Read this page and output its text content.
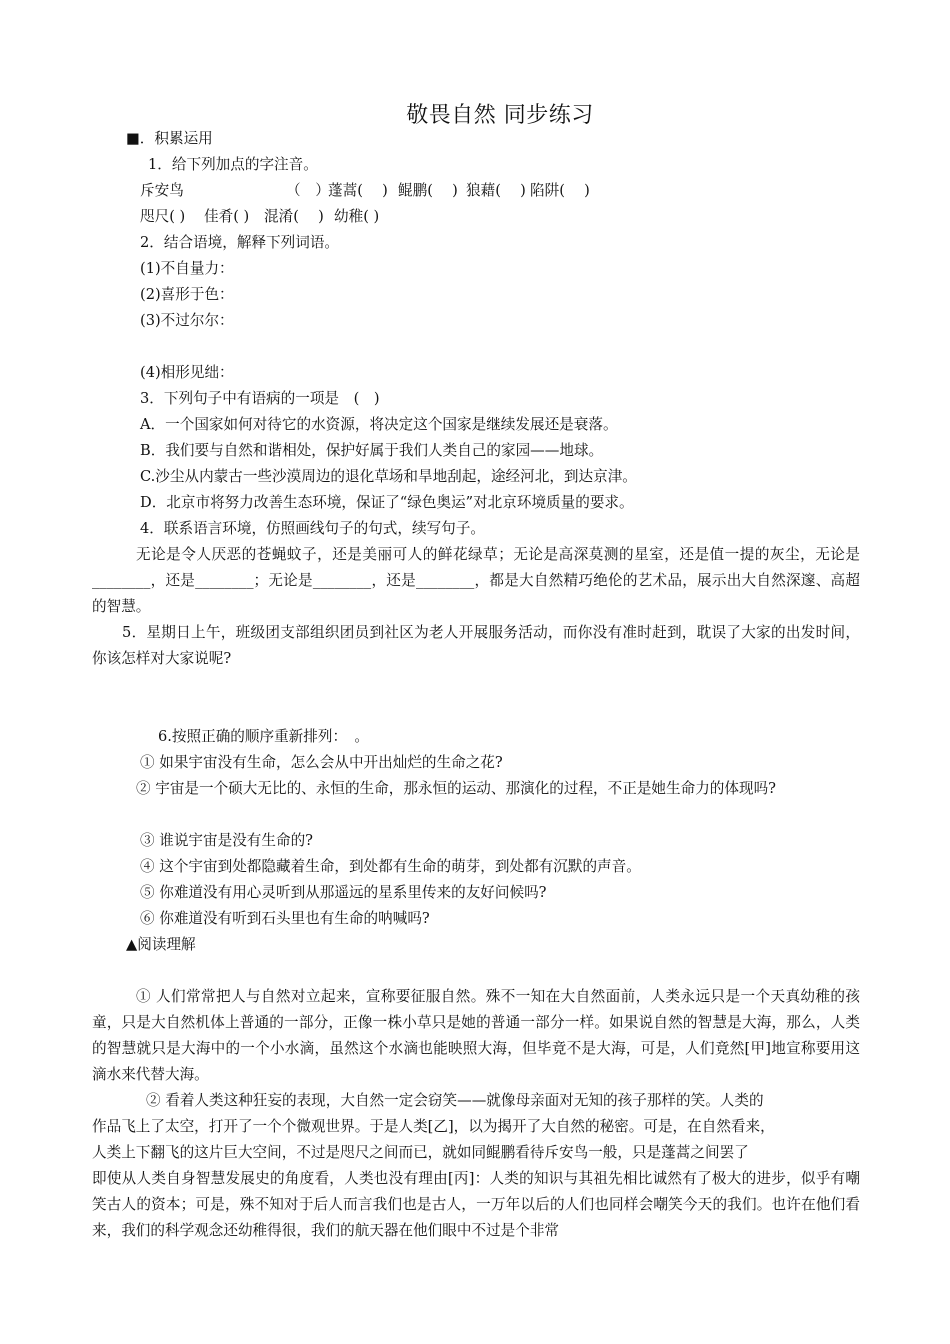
敬畏自然 同步练习
■．积累运用
1．给下列加点的字注音。
斥安鸟	（　）
蓬蒿( 　) 鲲鹏( 　) 狼藉( 　) 陷阱( 　)
咫尺( ) 佳肴( ) 混淆( 　) 幼稚( )
2．结合语境，解释下列词语。
(1)不自量力：
(2)喜形于色：
(3)不过尔尔：
(4)相形见绌：
3．下列句子中有语病的一项是　(　)
A．一个国家如何对待它的水资源，将决定这个国家是继续发展还是衰落。
B．我们要与自然和谐相处，保护好属于我们人类自己的家园——地球。
C.沙尘从内蒙古一些沙漠周边的退化草场和旱地刮起，途经河北，到达京津。
D．北京市将努力改善生态环境，保证了“绿色奥运”对北京环境质量的要求。
4．联系语言环境，仿照画线句子的句式，续写句子。
无论是令人厌恶的苍蝇蚊子，还是美丽可人的鲜花绿草；无论是高深莫测的星室，还是值一提的灰尘，无论是________，还是________；无论是________，还是________，都是大自然精巧绝伦的艺术品，展示出大自然深邃、高超的智慧。
5．星期日上午，班级团支部组织团员到社区为老人开展服务活动，而你没有准时赶到，耽误了大家的出发时间，你该怎样对大家说呢?
6.按照正确的顺序重新排列：　。
① 如果宇宙没有生命，怎么会从中开出灿烂的生命之花?
② 宇宙是一个硕大无比的、永恒的生命，那永恒的运动、那演化的过程，不正是她生命力的体现吗?
③ 谁说宇宙是没有生命的?
④ 这个宇宙到处都隐藏着生命，到处都有生命的萌芽，到处都有沉默的声音。
⑤ 你难道没有用心灵听到从那遥远的星系里传来的友好问候吗?
⑥ 你难道没有听到石头里也有生命的呐喊吗?
▲阅读理解
① 人们常常把人与自然对立起来，宣称要征服自然。殊不一知在大自然面前，人类永远只是一个天真幼稚的孩童，只是大自然机体上普通的一部分，正像一株小草只是她的普通一部分一样。如果说自然的智慧是大海，那么，人类的智慧就只是大海中的一个小水滴，虽然这个水滴也能映照大海，但毕竟不是大海，可是，人们竟然[甲]地宣称要用这滴水来代替大海。
② 看着人类这种狂妄的表现，大自然一定会窃笑——就像母亲面对无知的孩子那样的笑。人类的
作品飞上了太空，打开了一个个微观世界。于是人类[乙]，以为揭开了大自然的秘密。可是，在自然看来，
人类上下翻飞的这片巨大空间，不过是咫尺之间而已，就如同鲲鹏看待斥安鸟一般，只是蓬蒿之间罢了
即使从人类自身智慧发展史的角度看，人类也没有理由[丙]：人类的知识与其祖先相比诚然有了极大的进步，似乎有嘲笑古人的资本；可是，殊不知对于后人而言我们也是古人，一万年以后的人们也同样会嘲笑今天的我们。也许在他们看来，我们的科学观念还幼稚得很，我们的航天器在他们眼中不过是个非常
